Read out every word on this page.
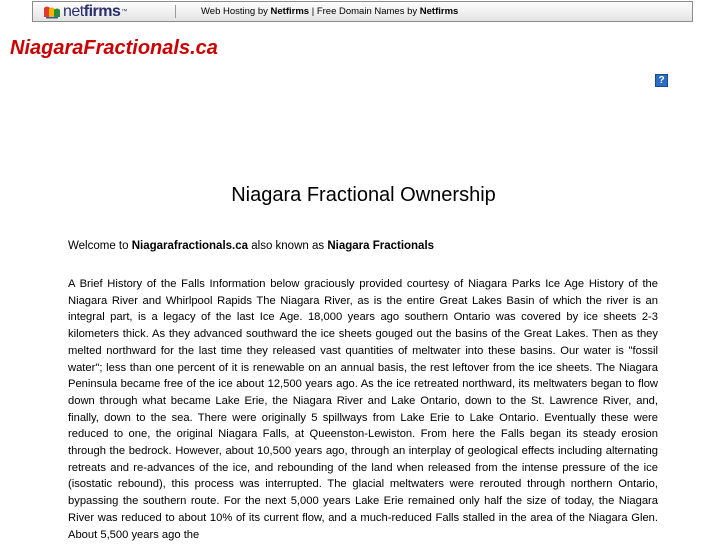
netfirms ™	Web Hosting by Netfirms | Free Domain Names by Netfirms
NiagaraFractionals.ca
?
Niagara Fractional Ownership
Welcome to Niagarafractionals.ca also known as Niagara Fractionals

A Brief History of the Falls Information below graciously provided courtesy of Niagara Parks Ice Age History of the Niagara River and Whirlpool Rapids The Niagara River, as is the entire Great Lakes Basin of which the river is an integral part, is a legacy of the last Ice Age. 18,000 years ago southern Ontario was covered by ice sheets 2-3 kilometers thick. As they advanced southward the ice sheets gouged out the basins of the Great Lakes. Then as they melted northward for the last time they released vast quantities of meltwater into these basins. Our water is "fossil water"; less than one percent of it is renewable on an annual basis, the rest leftover from the ice sheets. The Niagara Peninsula became free of the ice about 12,500 years ago. As the ice retreated northward, its meltwaters began to flow down through what became Lake Erie, the Niagara River and Lake Ontario, down to the St. Lawrence River, and, finally, down to the sea. There were originally 5 spillways from Lake Erie to Lake Ontario. Eventually these were reduced to one, the original Niagara Falls, at Queenston-Lewiston. From here the Falls began its steady erosion through the bedrock. However, about 10,500 years ago, through an interplay of geological effects including alternating retreats and re-advances of the ice, and rebounding of the land when released from the intense pressure of the ice (isostatic rebound), this process was interrupted. The glacial meltwaters were rerouted through northern Ontario, bypassing the southern route. For the next 5,000 years Lake Erie remained only half the size of today, the Niagara River was reduced to about 10% of its current flow, and a much-reduced Falls stalled in the area of the Niagara Glen. About 5,500 years ago the
